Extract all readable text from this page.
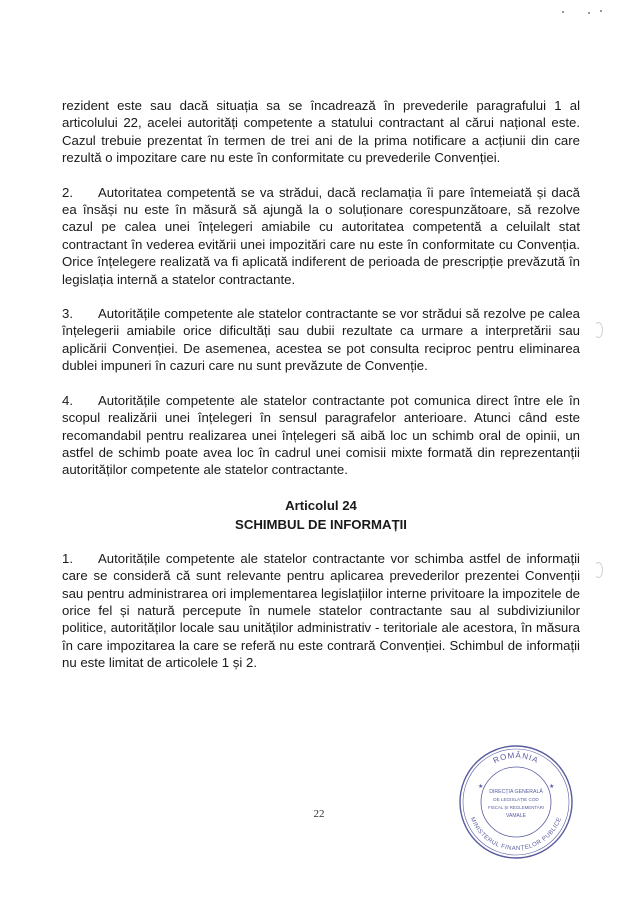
rezident este sau dacă situația sa se încadrează în prevederile paragrafului 1 al articolului 22, acelei autorități competente a statului contractant al cărui național este. Cazul trebuie prezentat în termen de trei ani de la prima notificare a acțiunii din care rezultă o impozitare care nu este în conformitate cu prevederile Convenției.

2. Autoritatea competentă se va strădui, dacă reclamația îi pare întemeiată și dacă ea însăși nu este în măsură să ajungă la o soluționare corespunzătoare, să rezolve cazul pe calea unei înțelegeri amiabile cu autoritatea competentă a celuilalt stat contractant în vederea evitării unei impozitări care nu este în conformitate cu Convenția. Orice înțelegere realizată va fi aplicată indiferent de perioada de prescripție prevăzută în legislația internă a statelor contractante.

3. Autoritățile competente ale statelor contractante se vor strădui să rezolve pe calea înțelegerii amiabile orice dificultăți sau dubii rezultate ca urmare a interpretării sau aplicării Convenției. De asemenea, acestea se pot consulta reciproc pentru eliminarea dublei impuneri în cazuri care nu sunt prevăzute de Convenție.

4. Autoritățile competente ale statelor contractante pot comunica direct între ele în scopul realizării unei înțelegeri în sensul paragrafelor anterioare. Atunci când este recomandabil pentru realizarea unei înțelegeri să aibă loc un schimb oral de opinii, un astfel de schimb poate avea loc în cadrul unei comisii mixte formată din reprezentanții autorităților competente ale statelor contractante.

Articolul 24

SCHIMBUL DE INFORMAȚII

1. Autoritățile competente ale statelor contractante vor schimba astfel de informații care se consideră că sunt relevante pentru aplicarea prevederilor prezentei Convenții sau pentru administrarea ori implementarea legislațiilor interne privitoare la impozitele de orice fel și natură percepute în numele statelor contractante sau al subdiviziunilor politice, autorităților locale sau unităților administrativ - teritoriale ale acestora, în măsura în care impozitarea la care se referă nu este contrară Convenției. Schimbul de informații nu este limitat de articolele 1 și 2.

22
ROMÂNIA
MINISTERUL FINANȚELOR PUBLICE
★	★
DIRECȚIA GENERALĂ
DE LEGISLAȚIE COD
FISCAL ȘI REGLEMENTARI
VAMALE
